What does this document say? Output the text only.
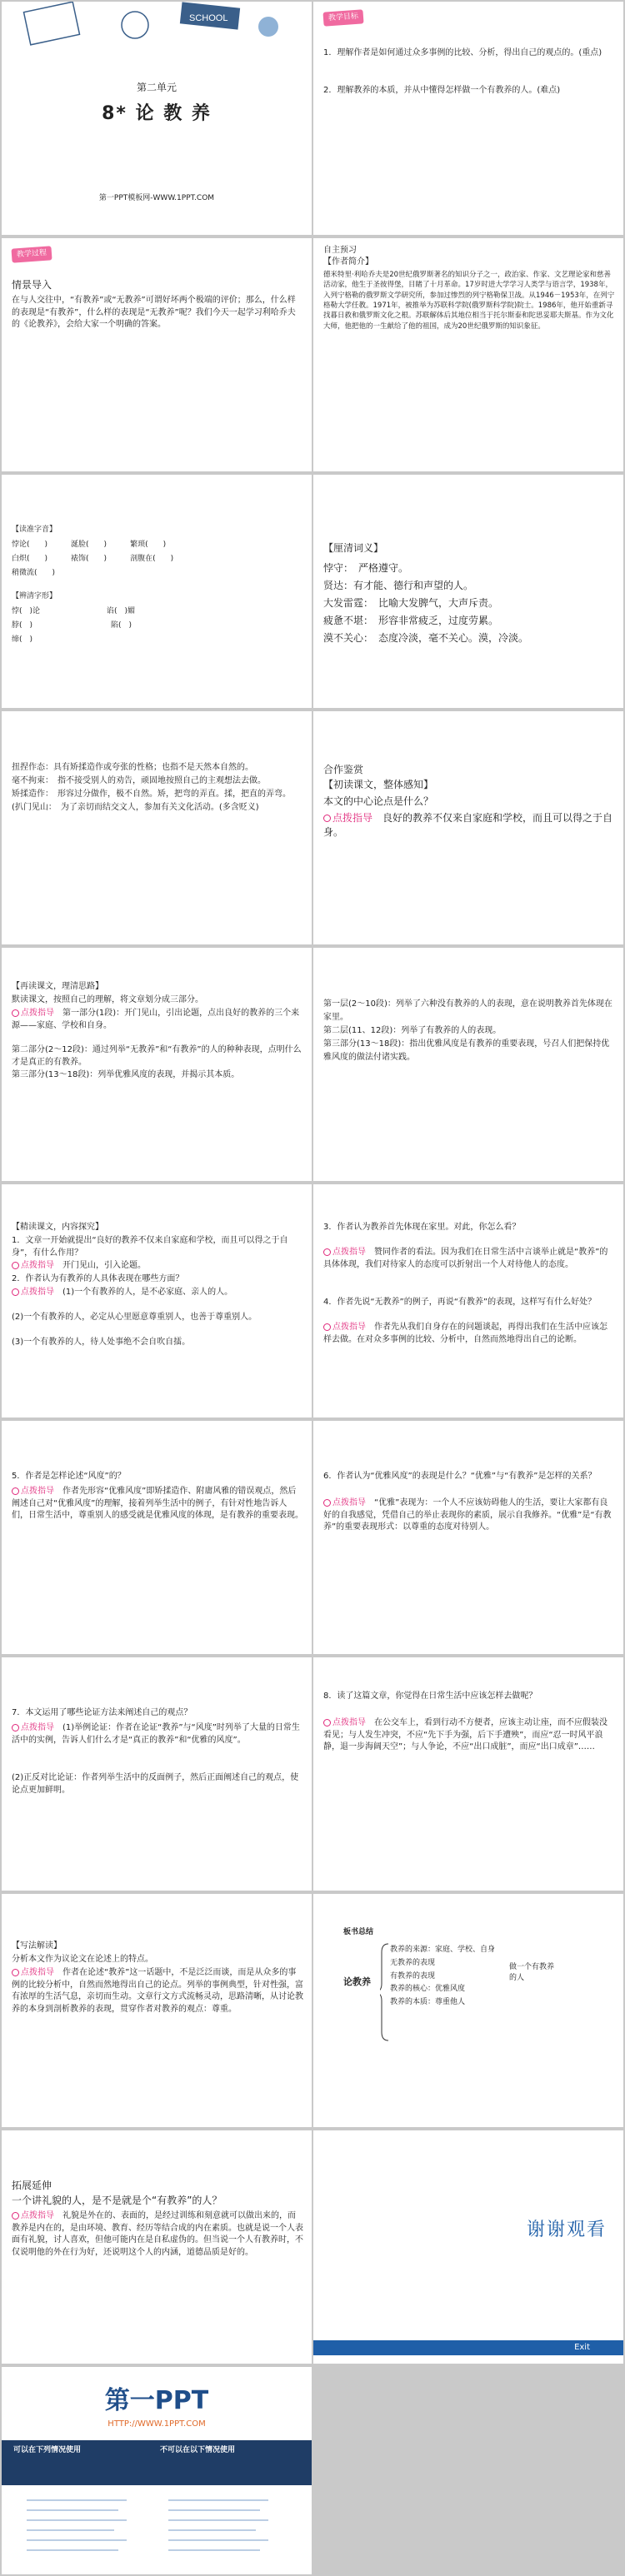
SCHOOL
第二单元
8* 论 教 养
第一PPT模板网-WWW.1PPT.COM
教学目标
1．理解作者是如何通过众多事例的比较、分析，得出自己的观点的。(重点)
2．理解教养的本质，并从中懂得怎样做一个有教养的人。(难点)
教学过程
情景导入
在与人交往中，“有教养”或“无教养”可谓好坏两个极端的评价；那么，什么样的表现是“有教养”，什么样的表现是“无教养”呢？我们今天一起学习利哈乔夫的《论教养》，会给大家一个明确的答案。
自主预习
【作者简介】
德米特里·利哈乔夫是20世纪俄罗斯著名的知识分子之一，政治家、作家、文艺理论家和慈善活动家，他生于圣彼得堡，目睹了十月革命。17岁时进大学学习人类学与语言学，1938年，入列宁格勒的俄罗斯文学研究所，参加过惨烈的列宁格勒保卫战。从1946－1953年，在列宁格勒大学任教。1971年，被推举为苏联科学院(俄罗斯科学院)院士。1986年，他开始重新寻找暮日救和俄罗斯文化之根。苏联解体后其地位相当于托尔斯泰和陀思妥耶夫斯基。作为文化大师，他把他的一生献给了他的祖国，成为20世纪俄罗斯的知识象征。
【读准字音】
悖论(　　)	涎脸(　　)	繁琐(　　)
白炽(　　)	裱饰(　　)	剖腹在(　　)
稍微流(　　)
【辨清字形】
悖(　)论	谄(　)媚
脖(　)	陷(　)
缔(　)
【厘清词义】
悖守：　严格遵守。
贤达：有才能、德行和声望的人。
大发雷霆：　比喻大发脾气，大声斥责。
疲惫不堪：　形容非常疲乏，过度劳累。
漠不关心：　态度冷淡，毫不关心。漠，冷淡。
扭捏作态：具有矫揉造作或夸张的性格；也指不是天然本自然的。
毫不拘束：　指不接受别人的劝告，顽固地按照自己的主观想法去做。
矫揉造作：　形容过分做作，极不自然。矫，把弯的弄直。揉，把直的弄弯。
(扒门见山：　为了亲切而结交文人，参加有关文化活动。(多含贬义)
合作鉴赏
【初读课文，整体感知】
本文的中心论点是什么？
点拨指导　 良好的教养不仅来自家庭和学校，而且可以得之于自身。
【再读课文，理清思路】
默读课文，按照自己的理解，将文章划分成三部分。
点拨指导　 第一部分(1段)：开门见山，引出论题，点出良好的教养的三个来源——家庭、学校和自身。
第二部分(2～12段)：通过列举“无教养”和“有教养”的人的种种表现，点明什么才是真正的有教养。
第三部分(13～18段)：列举优雅风度的表现，并揭示其本质。
第一层(2～10段)：列举了六种没有教养的人的表现，意在说明教养首先体现在家里。
第二层(11、12段)：列举了有教养的人的表现。
第三部分(13～18段)：指出优雅风度是有教养的重要表现，号召人们把保持优雅风度的做法付诸实践。
【精读课文，内容探究】
1．文章一开始就提出“良好的教养不仅来自家庭和学校，而且可以得之于自身”，有什么作用？
点拨指导　 开门见山，引入论题。
2．作者认为有教养的人具体表现在哪些方面？
点拨指导　 (1)一个有教养的人，是不必家庭、亲人的人。
(2)一个有教养的人，必定从心里愿意尊重别人，也善于尊重别人。
(3)一个有教养的人，待人处事绝不会自吹自擂。
3．作者认为教养首先体现在家里。对此，你怎么看？
点拨指导　 赞同作者的看法。因为我们在日常生活中言谈举止就是“教养”的具体体现，我们对待家人的态度可以折射出一个人对待他人的态度。
4．作者先说“无教养”的例子，再说“有教养”的表现，这样写有什么好处？
点拨指导　 作者先从我们自身存在的问题谈起，再得出我们在生活中应该怎样去做。在对众多事例的比较、分析中，自然而然地得出自己的论断。
5．作者是怎样论述“风度”的？
点拨指导　 作者先形容“优雅风度”即矫揉造作、附庸风雅的错误观点，然后阐述自己对“优雅风度”的理解，接着列举生活中的例子，有针对性地告诉人们，日常生活中，尊重别人的感受就是优雅风度的体现，是有教养的重要表现。
6．作者认为“优雅风度”的表现是什么？“优雅”与“有教养”是怎样的关系？
点拨指导　 “优雅”表现为：一个人不应该妨碍他人的生活，要让大家都有良好的自我感觉，凭借自己的举止表现你的素质，展示自我修养。“优雅”是“有教养”的重要表现形式：以尊重的态度对待别人。
7．本文运用了哪些论证方法来阐述自己的观点？
点拨指导　 (1)举例论证：作者在论证“教养”与“风度”时列举了大量的日常生活中的实例，告诉人们什么才是“真正的教养”和“优雅的风度”。
(2)正反对比论证：作者列举生活中的反面例子，然后正面阐述自己的观点，使论点更加鲜明。
8．读了这篇文章，你觉得在日常生活中应该怎样去做呢？
点拨指导　 在公交车上，看到行动不方便者，应该主动让座，而不应假装没看见；与人发生冲突，不应“先下手为强，后下手遭殃”，而应“忍一时风平浪静，退一步海阔天空”；与人争论，不应“出口成脏”，而应“出口成章”……
【写法解读】
分析本文作为议论文在论述上的特点。
点拨指导　 作者在论述“教养”这一话题中，不是泛泛而谈，而是从众多的事例的比较分析中，自然而然地得出自己的论点。列举的事例典型，针对性强，富有浓厚的生活气息，亲切而生动。文章行文方式流畅灵动，思路清晰，从讨论教养的本身到剖析教养的表现，贯穿作者对教养的观点：尊重。
板书总结
论教养
教养的来源：家庭、学校、自身
无教养的表现
有教养的表现
教养的核心：优雅风度
教养的本质：尊重他人
做一个有教养的人
拓展延伸
一个讲礼貌的人，是不是就是个“有教养”的人？
点拨指导　 礼貌是外在的、表面的，是经过训练和刻意就可以做出来的，而教养是内在的，是由环境、教育、经历等结合成的内在素质。也就是说一个人表面有礼貌，讨人喜欢，但他可能内在是自私虚伪的。但当说一个人有教养时，不仅说明他的外在行为好，还说明这个人的内涵，道德品质是好的。
谢谢观看
Exit
第一PPT
HTTP://WWW.1PPT.COM
可以在下列情况使用	不可以在以下情况使用
